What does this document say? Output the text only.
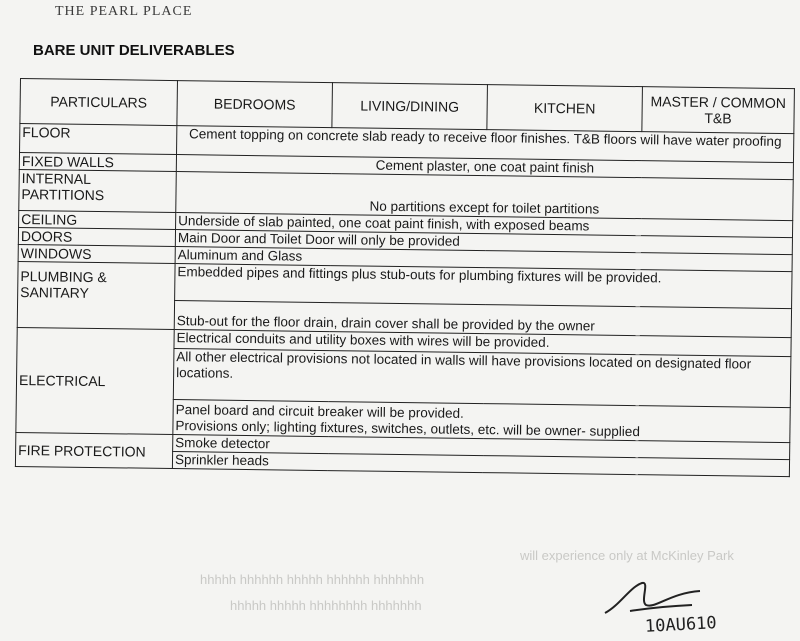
will experience only at McKinley Park
hhhhh hhhhhh hhhhh hhhhhh hhhhhhh
hhhhh hhhhh hhhhhhhh hhhhhhh
THE PEARL PLACE
BARE UNIT DELIVERABLES
PARTICULARS	BEDROOMS	LIVING/DINING	KITCHEN	MASTER / COMMON T&B
FLOOR	Cement topping on concrete slab ready to receive floor finishes. T&B floors will have water proofing			
FIXED WALLS	Cement plaster, one coat paint finish			
INTERNAL PARTITIONS	No partitions except for toilet partitions			
CEILING	Underside of slab painted, one coat paint finish, with exposed beams			
DOORS	Main Door and Toilet Door will only be provided			
WINDOWS	Aluminum and Glass			
PLUMBING & SANITARY	Embedded pipes and fittings plus stub-outs for plumbing fixtures will be provided.			
	Stub-out for the floor drain, drain cover shall be provided by the owner			
ELECTRICAL	Electrical conduits and utility boxes with wires will be provided.			
	All other electrical provisions not located in walls will have provisions located on designated floor locations.			

	Panel board and circuit breaker will be provided.
Provisions only; lighting fixtures, switches, outlets, etc. will be owner- supplied			

FIRE PROTECTION	Smoke detector			
	Sprinkler heads			
10AU610
